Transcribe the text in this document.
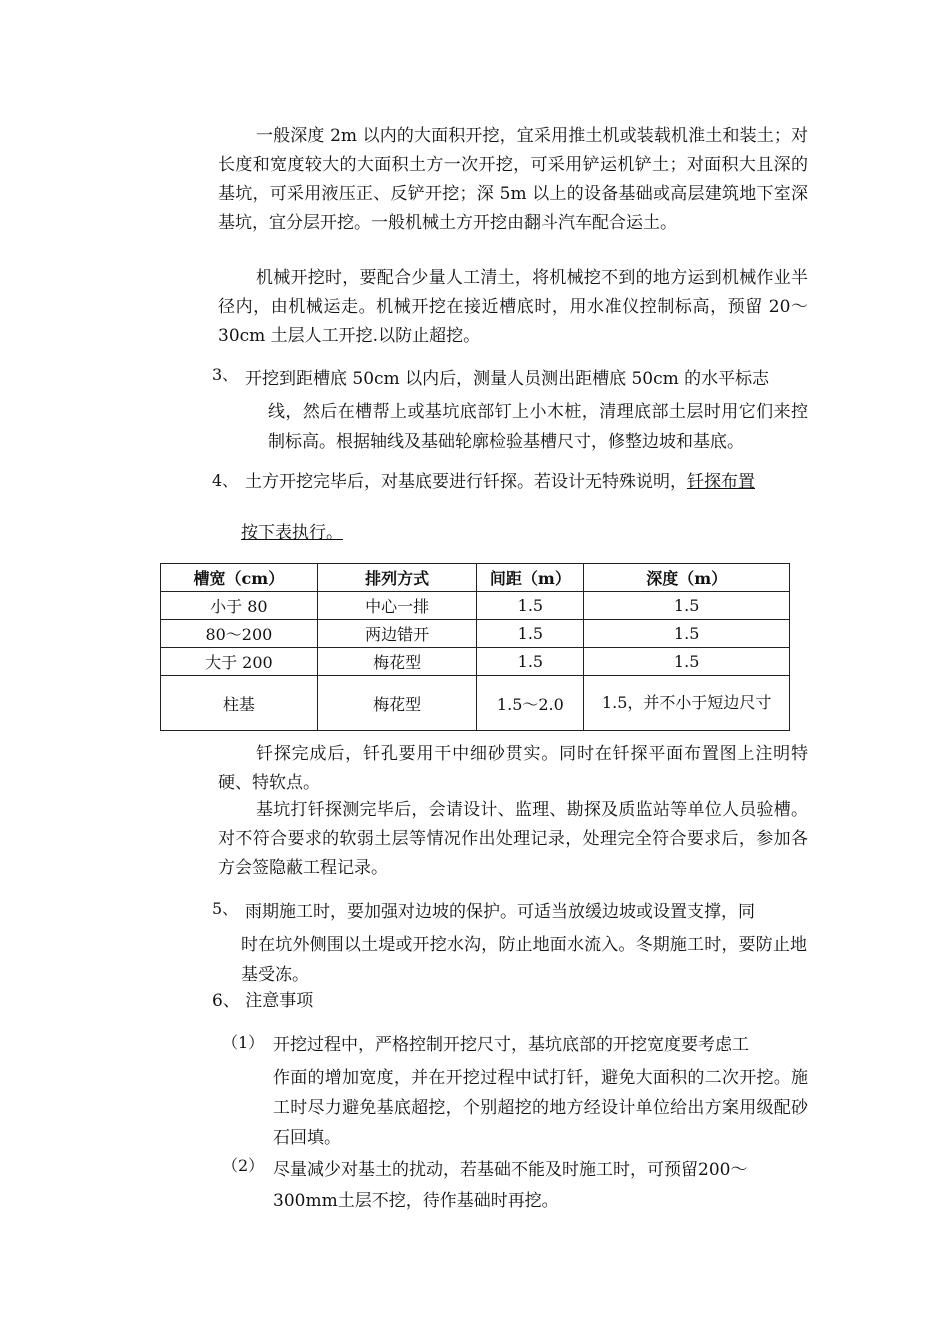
一般深度 2m 以内的大面积开挖，宜采用推土机或装载机淮土和装土；对长度和宽度较大的大面积土方一次开挖，可采用铲运机铲土；对面积大且深的基坑，可采用液压正、反铲开挖；深 5m 以上的设备基础或高层建筑地下室深基坑，宜分层开挖。一般机械土方开挖由翻斗汽车配合运土。
机械开挖时，要配合少量人工清土，将机械挖不到的地方运到机械作业半径内，由机械运走。机械开挖在接近槽底时，用水准仪控制标高，预留 20～30cm 土层人工开挖.以防止超挖。
3、 开挖到距槽底 50cm 以内后，测量人员测出距槽底 50cm 的水平标志
线，然后在槽帮上或基坑底部钉上小木桩，清理底部土层时用它们来控制标高。根据轴线及基础轮廓检验基槽尺寸，修整边坡和基底。
4、 土方开挖完毕后，对基底要进行钎探。若设计无特殊说明，钎探布置
按下表执行。
槽宽（cm）	排列方式	间距（m）	深度（m）
小于 80	中心一排	1.5	1.5
80～200	两边错开	1.5	1.5
大于 200	梅花型	1.5	1.5
柱基	梅花型	1.5～2.0	1.5，并不小于短边尺寸
钎探完成后，钎孔要用干中细砂贯实。同时在钎探平面布置图上注明特硬、特软点。
基坑打钎探测完毕后，会请设计、监理、勘探及质监站等单位人员验槽。对不符合要求的软弱土层等情况作出处理记录，处理完全符合要求后，参加各方会签隐蔽工程记录。
5、 雨期施工时，要加强对边坡的保护。可适当放缓边坡或设置支撑，同
时在坑外侧围以土堤或开挖水沟，防止地面水流入。冬期施工时，要防止地基受冻。
6、 注意事项
（1） 开挖过程中，严格控制开挖尺寸，基坑底部的开挖宽度要考虑工
作面的增加宽度，并在开挖过程中试打钎，避免大面积的二次开挖。施工时尽力避免基底超挖，个别超挖的地方经设计单位给出方案用级配砂石回填。
（2） 尽量减少对基土的扰动，若基础不能及时施工时，可预留200～
300mm土层不挖，待作基础时再挖。
